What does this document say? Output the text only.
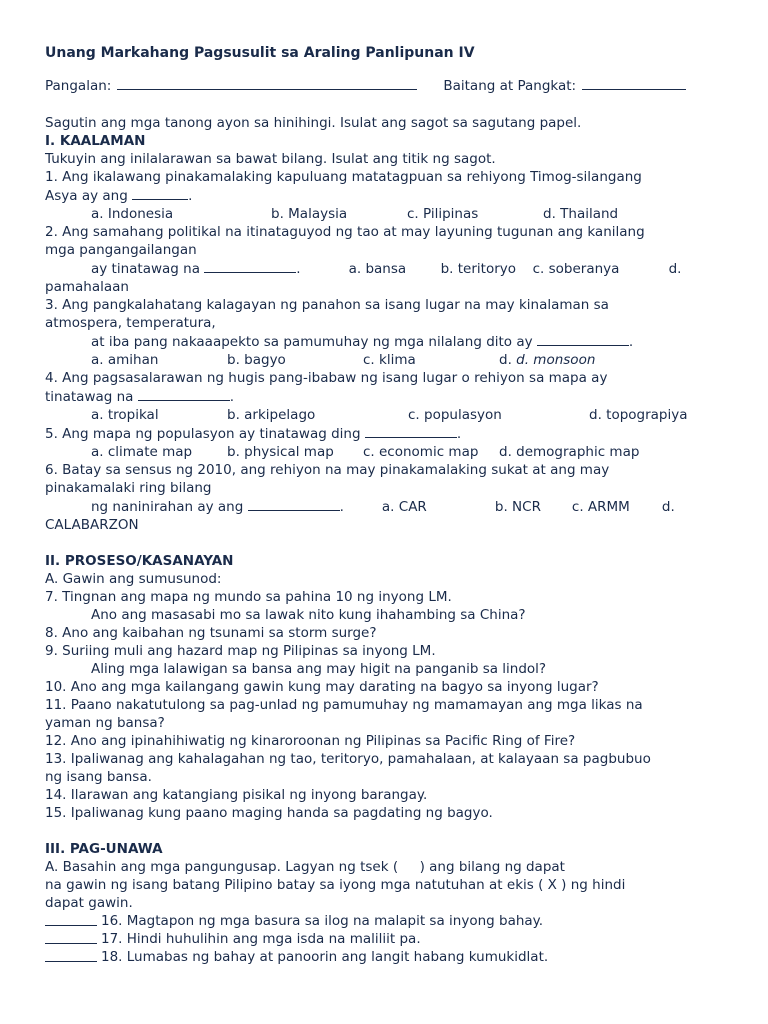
Unang Markahang Pagsusulit sa Araling Panlipunan IV

Pangalan:	Baitang at Pangkat:

Sagutin ang mga tanong ayon sa hinihingi. Isulat ang sagot sa sagutang papel.

I. KAALAMAN

Tukuyin ang inilalarawan sa bawat bilang. Isulat ang titik ng sagot.

1. Ang ikalawang pinakamalaking kapuluang matatagpuan sa rehiyong Timog-silangang

Asya ay ang	.
a. Indonesia	b. Malaysia	c. Pilipinas	d. Thailand

2. Ang samahang politikal na itinataguyod ng tao at may layuning tugunan ang kanilang

mga pangangailangan

ay tinatawag na	.	a. bansa	b. teritoryo	c. soberanya	d.

pamahalaan

3. Ang pangkalahatang kalagayan ng panahon sa isang lugar na may kinalaman sa

atmospera, temperatura,

at iba pang nakaaapekto sa pamumuhay ng mga nilalang dito ay	.
a. amihan	b. bagyo	c. klima	d. d. monsoon

4. Ang pagsasalarawan ng hugis pang-ibabaw ng isang lugar o rehiyon sa mapa ay

tinatawag na	.
a. tropikal	b. arkipelago	c. populasyon	d. topograpiya
5. Ang mapa ng populasyon ay tinatawag ding	.
a. climate map	b. physical map	c. economic map	d. demographic map

6. Batay sa sensus ng 2010, ang rehiyon na may pinakamalaking sukat at ang may

pinakamalaki ring bilang

ng naninirahan ay ang	.	a. CAR	b. NCR	c. ARMM	d.

CALABARZON

II. PROSESO/KASANAYAN

A. Gawin ang sumusunod:

7. Tingnan ang mapa ng mundo sa pahina 10 ng inyong LM.

Ano ang masasabi mo sa lawak nito kung ihahambing sa China?

8. Ano ang kaibahan ng tsunami sa storm surge?

9. Suriing muli ang hazard map ng Pilipinas sa inyong LM.

Aling mga lalawigan sa bansa ang may higit na panganib sa lindol?

10. Ano ang mga kailangang gawin kung may darating na bagyo sa inyong lugar?

11. Paano nakatutulong sa pag-unlad ng pamumuhay ng mamamayan ang mga likas na

yaman ng bansa?

12. Ano ang ipinahihiwatig ng kinaroroonan ng Pilipinas sa Pacific Ring of Fire?

13. Ipaliwanag ang kahalagahan ng tao, teritoryo, pamahalaan, at kalayaan sa pagbubuo

ng isang bansa.

14. Ilarawan ang katangiang pisikal ng inyong barangay.

15. Ipaliwanag kung paano maging handa sa pagdating ng bagyo.

III. PAG-UNAWA

A. Basahin ang mga pangungusap. Lagyan ng tsek (     ) ang bilang ng dapat

na gawin ng isang batang Pilipino batay sa iyong mga natutuhan at ekis ( X ) ng hindi

dapat gawin.

16. Magtapon ng mga basura sa ilog na malapit sa inyong bahay.
17. Hindi huhulihin ang mga isda na maliliit pa.
18. Lumabas ng bahay at panoorin ang langit habang kumukidlat.
